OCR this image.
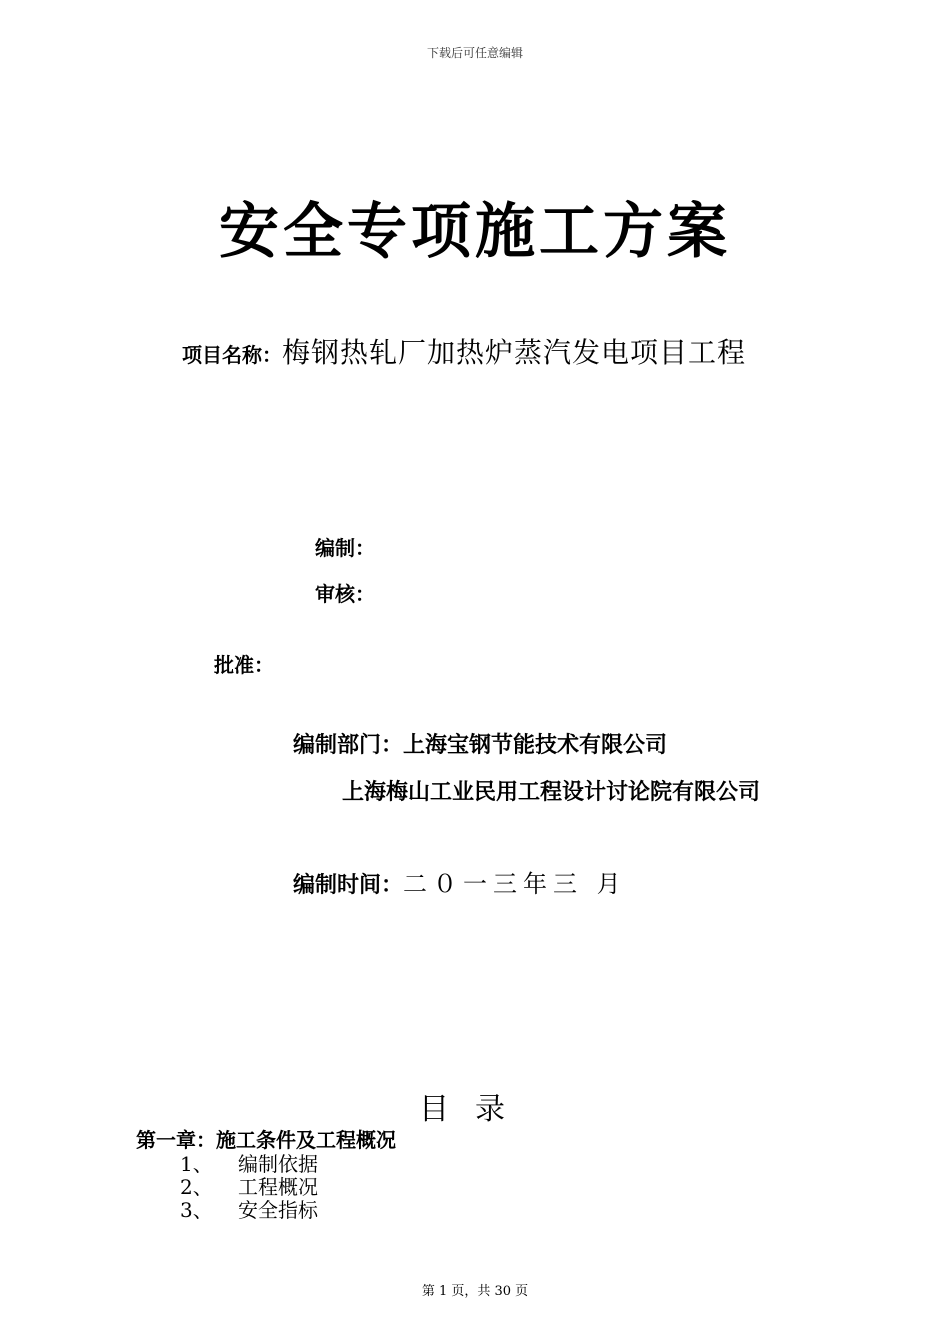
下载后可任意编辑
安全专项施工方案
项目名称：梅钢热轧厂加热炉蒸汽发电项目工程
编制：
审核：
批准：
编制部门：上海宝钢节能技术有限公司
上海梅山工业民用工程设计讨论院有限公司
编制时间：二０一三年三 月
目录
第一章：施工条件及工程概况
1、 编制依据
2、 工程概况
3、 安全指标
第 1 页，共 30 页
